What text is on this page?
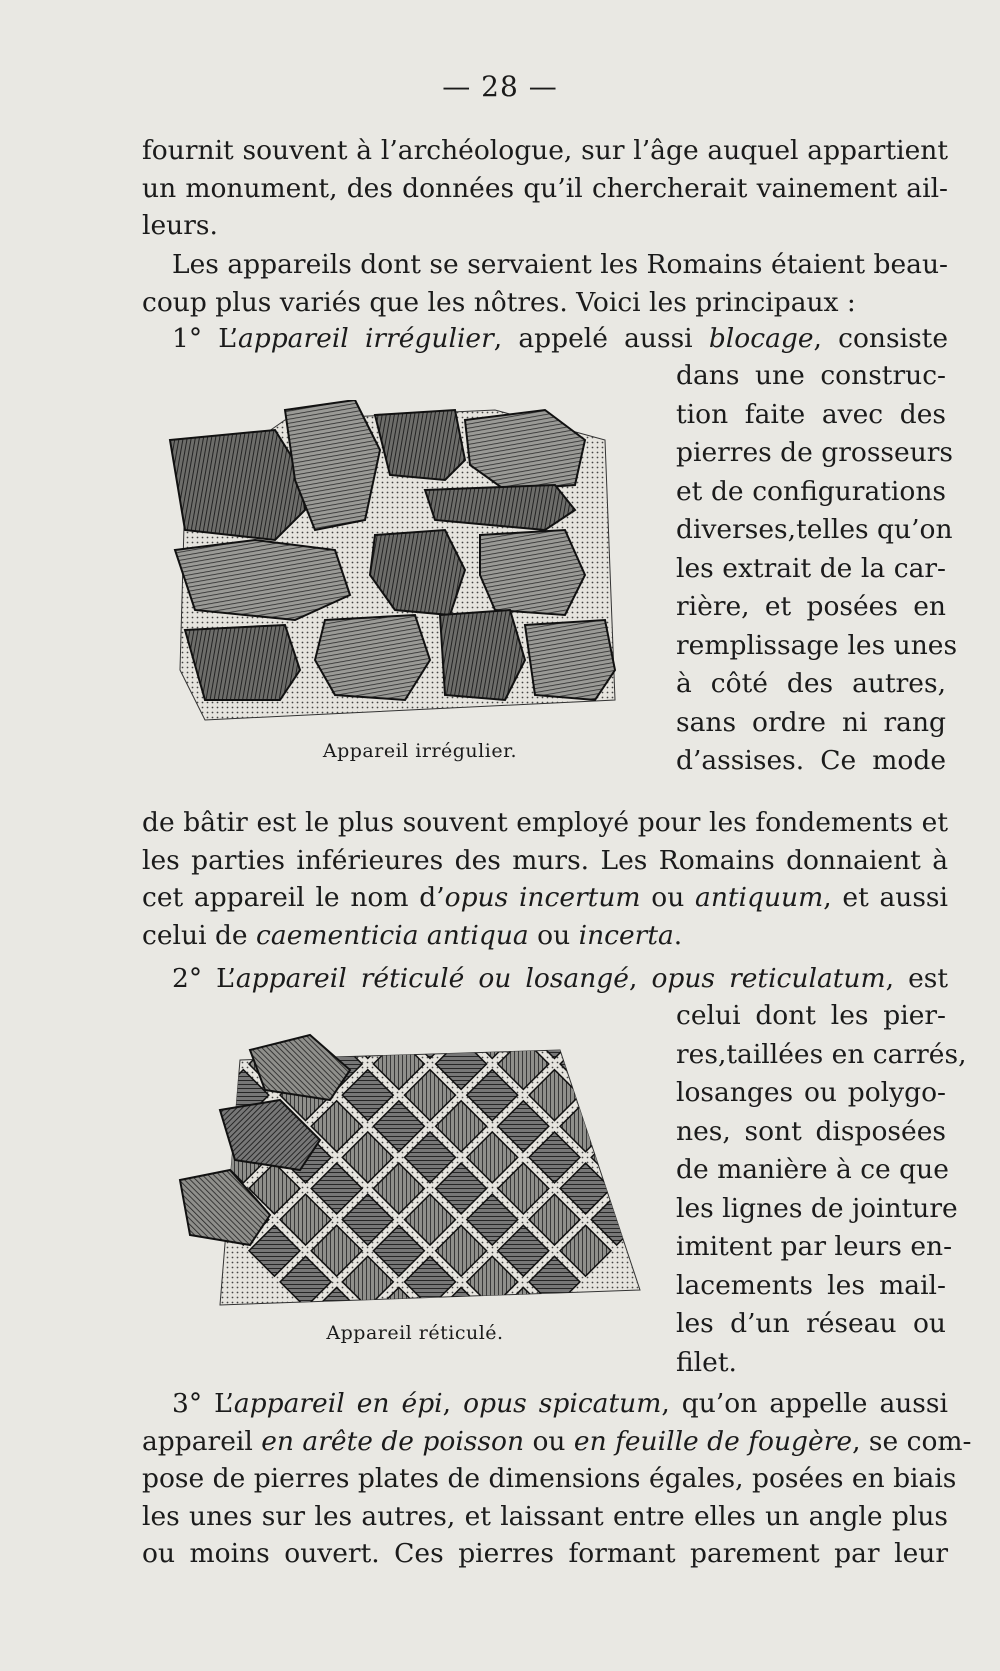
— 28 —
fournit souvent à l’archéologue, sur l’âge auquel appartient
un monument, des données qu’il chercherait vainement ail-
leurs.
Les appareils dont se servaient les Romains étaient beau-
coup plus variés que les nôtres. Voici les principaux :
1° L’appareil irrégulier, appelé aussi blocage, consiste
Appareil irrégulier.
dans une construc-
tion faite avec des
pierres de grosseurs
et de configurations
diverses,telles qu’on
les extrait de la car-
rière, et posées en
remplissage les unes
à côté des autres,
sans ordre ni rang
d’assises. Ce mode
de bâtir est le plus souvent employé pour les fondements et
les parties inférieures des murs. Les Romains donnaient à
cet appareil le nom d’opus incertum ou antiquum, et aussi
celui de caementicia antiqua ou incerta.
2° L’appareil réticulé ou losangé, opus reticulatum, est
Appareil réticulé.
celui dont les pier-
res,taillées en carrés,
losanges ou polygo-
nes, sont disposées
de manière à ce que
les lignes de jointure
imitent par leurs en-
lacements les mail-
les d’un réseau ou
filet.
3° L’appareil en épi, opus spicatum, qu’on appelle aussi
appareil en arête de poisson ou en feuille de fougère, se com-
pose de pierres plates de dimensions égales, posées en biais
les unes sur les autres, et laissant entre elles un angle plus
ou moins ouvert. Ces pierres formant parement par leur
